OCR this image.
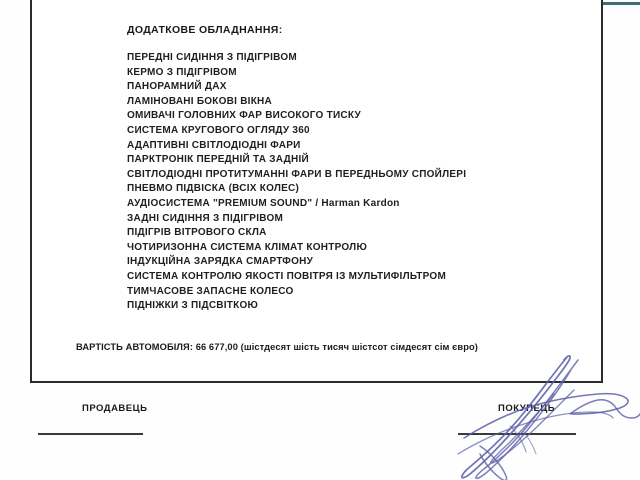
ДОДАТКОВЕ ОБЛАДНАННЯ:
ПЕРЕДНІ СИДІННЯ З ПІДІГРІВОМ
КЕРМО З ПІДІГРІВОМ
ПАНОРАМНИЙ ДАХ
ЛАМІНОВАНІ БОКОВІ ВІКНА
ОМИВАЧІ ГОЛОВНИХ ФАР ВИСОКОГО ТИСКУ
СИСТЕМА КРУГОВОГО ОГЛЯДУ 360
АДАПТИВНІ СВІТЛОДІОДНІ ФАРИ
ПАРКТРОНІК ПЕРЕДНІЙ ТА ЗАДНІЙ
СВІТЛОДІОДНІ ПРОТИТУМАННІ ФАРИ В ПЕРЕДНЬОМУ СПОЙЛЕРІ
ПНЕВМО ПІДВІСКА (ВСІХ КОЛЕС)
АУДІОСИСТЕМА "PREMIUM SOUND" / Harman Kardon
ЗАДНІ СИДІННЯ З ПІДІГРІВОМ
ПІДІГРІВ ВІТРОВОГО СКЛА
ЧОТИРИЗОННА СИСТЕМА КЛІМАТ КОНТРОЛЮ
ІНДУКЦІЙНА ЗАРЯДКА СМАРТФОНУ
СИСТЕМА КОНТРОЛЮ ЯКОСТІ ПОВІТРЯ ІЗ МУЛЬТИФІЛЬТРОМ
ТИМЧАСОВЕ ЗАПАСНЕ КОЛЕСО
ПІДНІЖКИ З ПІДСВІТКОЮ
ВАРТІСТЬ АВТОМОБІЛЯ: 66 677,00 (шістдесят шість тисяч шістсот сімдесят сім євро)
ПРОДАВЕЦЬ	ПОКУПЕЦЬ
